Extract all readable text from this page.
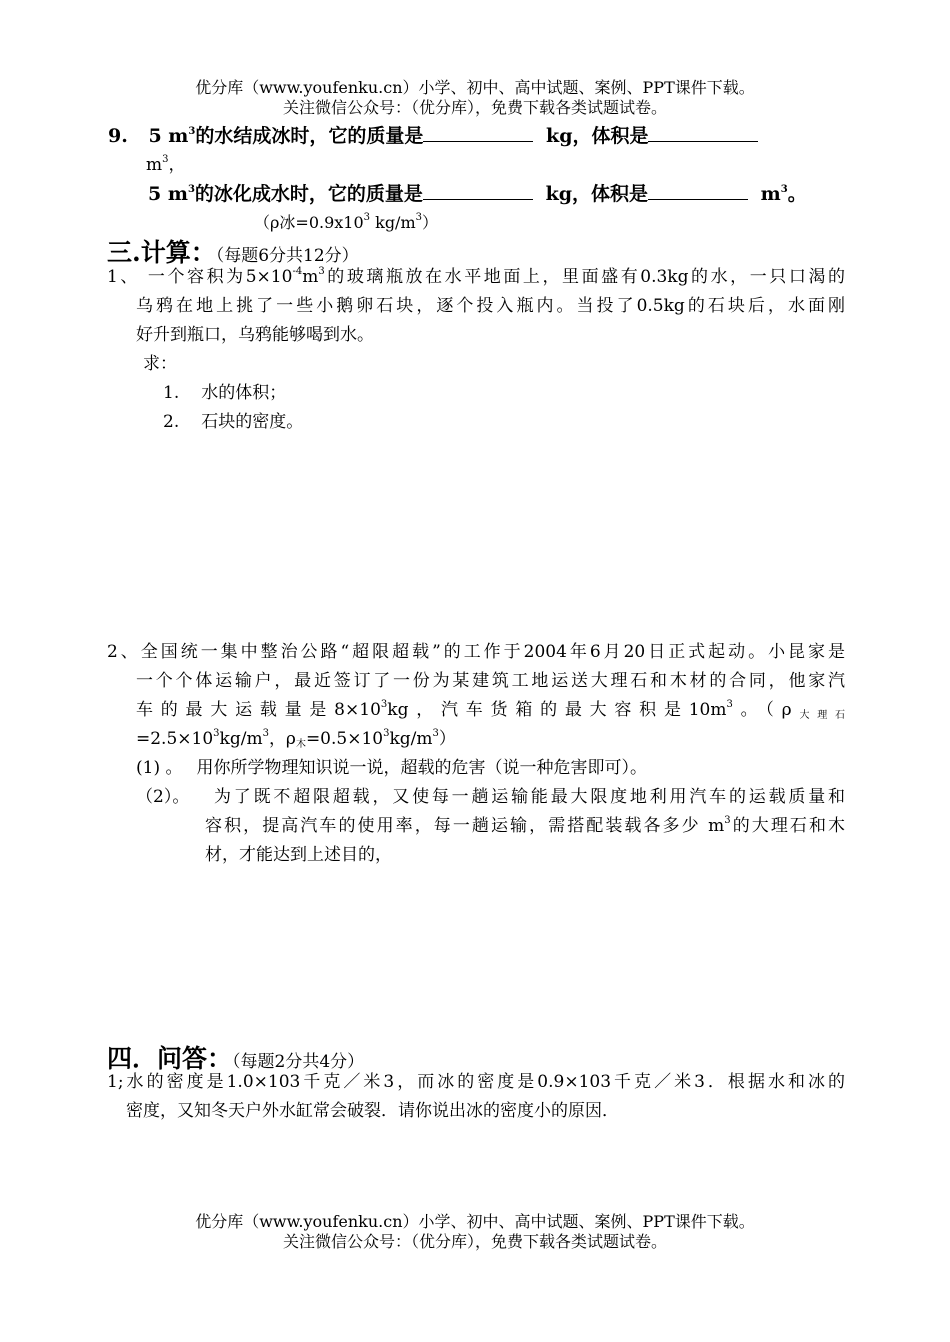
优分库（www.youfenku.cn）小学、初中、高中试题、案例、PPT课件下载。
关注微信公众号：（优分库），免费下载各类试题试卷。
9. 5 $m^3$的水结成冰时，它的质量是	kg，体积是
$m^3$，
5 $m^3$的冰化成水时，它的质量是	kg，体积是	$m^3$。
（ρ冰$=0.9x10^3$ $kg/m^3$）
三.计算：（每题6分共12分）
1、 一个容积为$5\times 10^{-4}m^3$的玻璃瓶放在水平地面上，里面盛有0.3kg的水，一只口渴的
乌鸦在地上挑了一些小鹅卵石块，逐个投入瓶内。当投了0.5kg的石块后，水面刚
好升到瓶口，乌鸦能够喝到水。
求：
1. 水的体积；
2. 石块的密度。
2、全国统一集中整治公路“超限超载”的工作于2004年6月20日正式起动。小昆家是
一个个体运输户，最近签订了一份为某建筑工地运送大理石和木材的合同，他家汽
车的最大运载量是$8\times 10^3kg$，汽车货箱的最大容积是$10m^3$。（$\rho_{大理石}$
$=2.5\times 10^3kg/m^3$，$\rho_木=0.5\times 10^3kg/m^3$）
(1) 。 用你所学物理知识说一说，超载的危害（说一种危害即可）。
（2）。 为了既不超限超载，又使每一趟运输能最大限度地利用汽车的运载质量和
容积，提高汽车的使用率，每一趟运输，需搭配装载各多少 $m^3$的大理石和木
材，才能达到上述目的，
四．问答：（每题2分共4分）
1;水的密度是1.0×103千克／米3，而冰的密度是0.9×103千克／米3．根据水和冰的
密度，又知冬天户外水缸常会破裂．请你说出冰的密度小的原因．
优分库（www.youfenku.cn）小学、初中、高中试题、案例、PPT课件下载。
关注微信公众号：（优分库），免费下载各类试题试卷。
